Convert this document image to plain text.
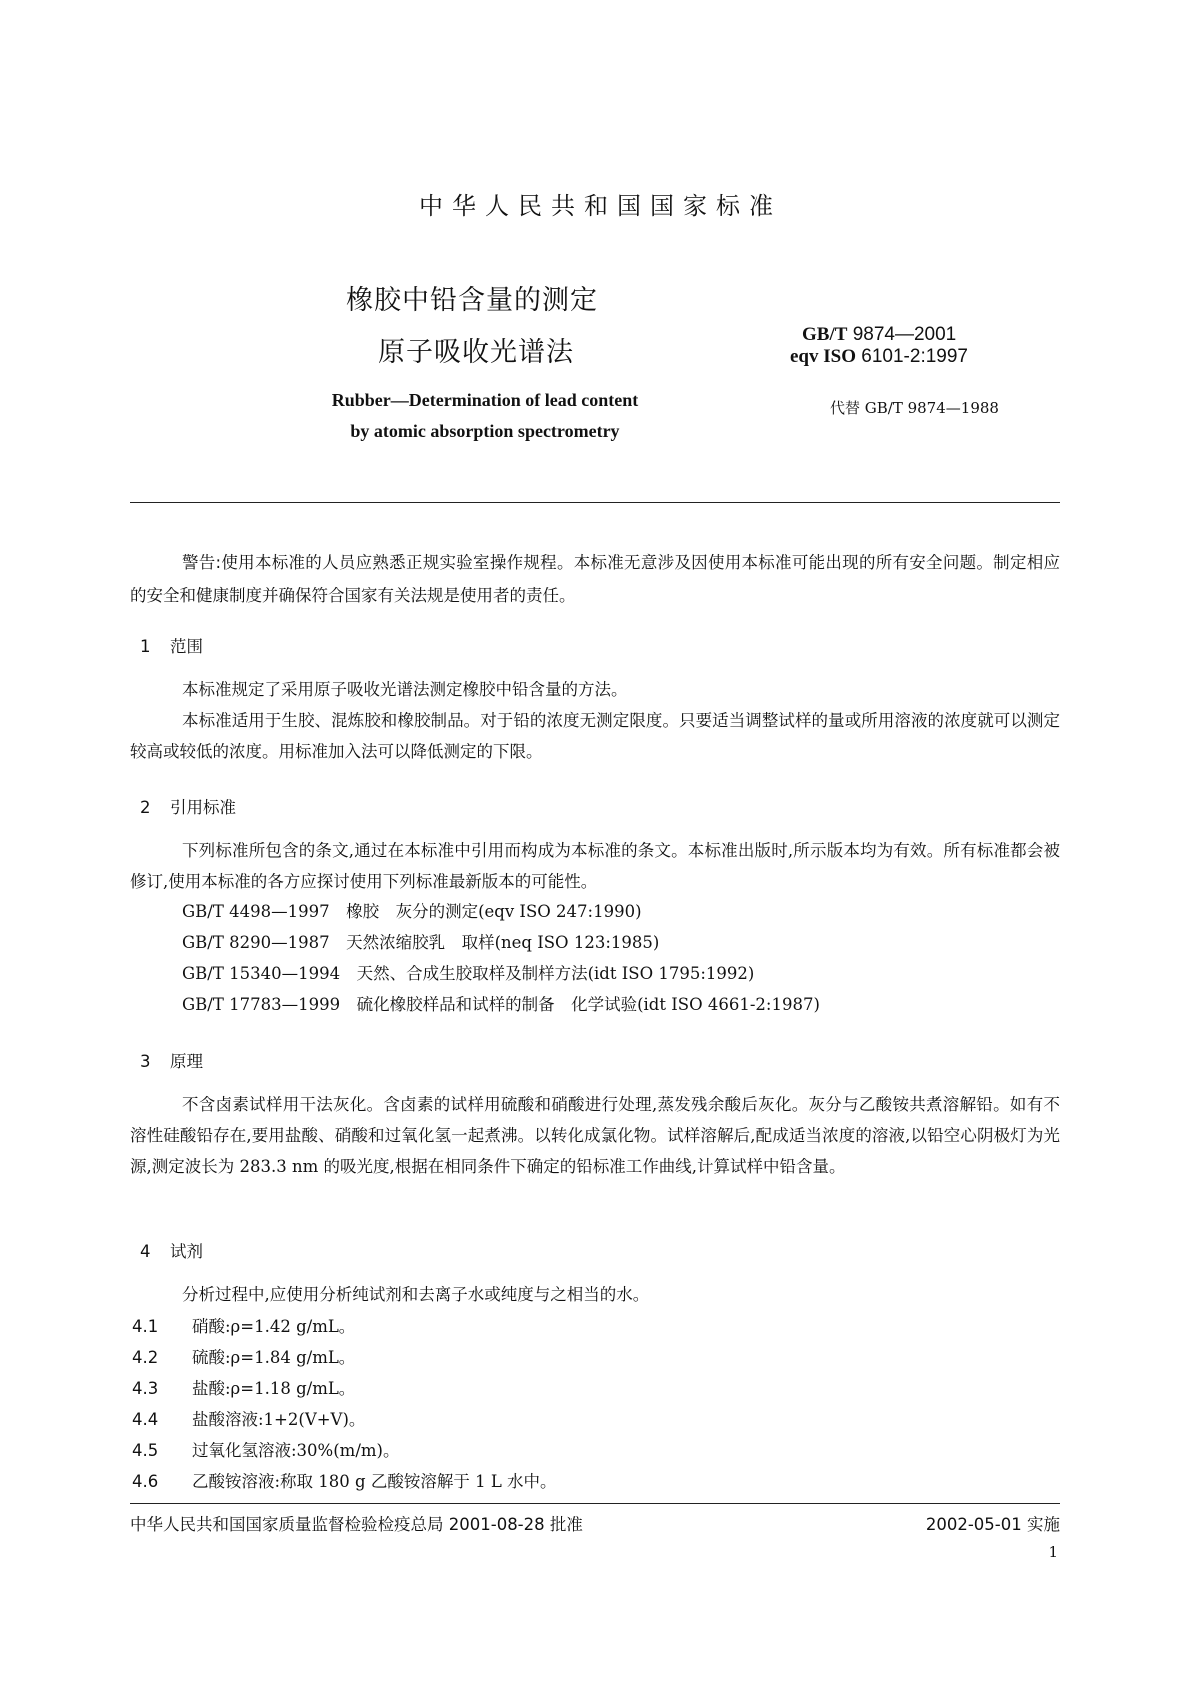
中华人民共和国国家标准
橡胶中铅含量的测定
原子吸收光谱法
GB/T 9874—2001
eqv ISO 6101-2:1997
Rubber—Determination of lead content
by atomic absorption spectrometry
代替 GB/T 9874—1988
警告:使用本标准的人员应熟悉正规实验室操作规程。本标准无意涉及因使用本标准可能出现的所有安全问题。制定相应的安全和健康制度并确保符合国家有关法规是使用者的责任。
1 范围
本标准规定了采用原子吸收光谱法测定橡胶中铅含量的方法。
本标准适用于生胶、混炼胶和橡胶制品。对于铅的浓度无测定限度。只要适当调整试样的量或所用溶液的浓度就可以测定较高或较低的浓度。用标准加入法可以降低测定的下限。
2 引用标准
下列标准所包含的条文,通过在本标准中引用而构成为本标准的条文。本标准出版时,所示版本均为有效。所有标准都会被修订,使用本标准的各方应探讨使用下列标准最新版本的可能性。
GB/T 4498—1997　橡胶　灰分的测定(eqv ISO 247:1990)
GB/T 8290—1987　天然浓缩胶乳　取样(neq ISO 123:1985)
GB/T 15340—1994　天然、合成生胶取样及制样方法(idt ISO 1795:1992)
GB/T 17783—1999　硫化橡胶样品和试样的制备　化学试验(idt ISO 4661-2:1987)
3 原理
不含卤素试样用干法灰化。含卤素的试样用硫酸和硝酸进行处理,蒸发残余酸后灰化。灰分与乙酸铵共煮溶解铅。如有不溶性硅酸铅存在,要用盐酸、硝酸和过氧化氢一起煮沸。以转化成氯化物。试样溶解后,配成适当浓度的溶液,以铅空心阴极灯为光源,测定波长为 283.3 nm 的吸光度,根据在相同条件下确定的铅标准工作曲线,计算试样中铅含量。
4 试剂
分析过程中,应使用分析纯试剂和去离子水或纯度与之相当的水。
4.1 硝酸:ρ=1.42 g/mL。
4.2 硫酸:ρ=1.84 g/mL。
4.3 盐酸:ρ=1.18 g/mL。
4.4 盐酸溶液:1+2(V+V)。
4.5 过氧化氢溶液:30%(m/m)。
4.6 乙酸铵溶液:称取 180 g 乙酸铵溶解于 1 L 水中。
中华人民共和国国家质量监督检验检疫总局 2001-08-28 批准	2002-05-01 实施
1
